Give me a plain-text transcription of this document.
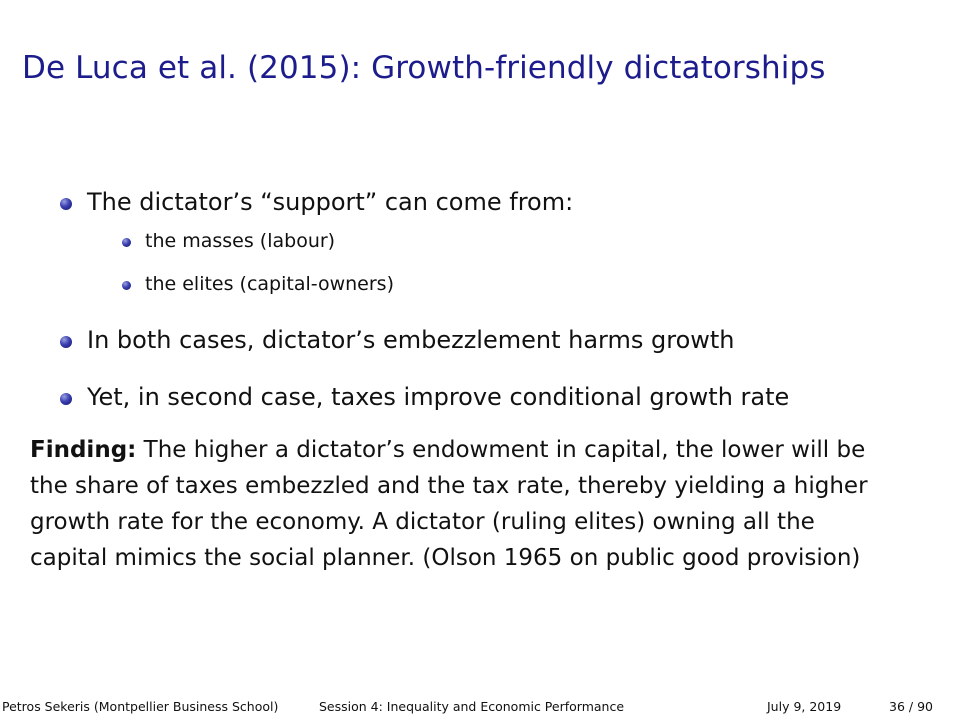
De Luca et al. (2015): Growth-friendly dictatorships
The dictator’s “support” can come from:
the masses (labour)
the elites (capital-owners)
In both cases, dictator’s embezzlement harms growth
Yet, in second case, taxes improve conditional growth rate
Finding: The higher a dictator’s endowment in capital, the lower will be
the share of taxes embezzled and the tax rate, thereby yielding a higher
growth rate for the economy. A dictator (ruling elites) owning all the
capital mimics the social planner. (Olson 1965 on public good provision)
Petros Sekeris (Montpellier Business School)	Session 4: Inequality and Economic Performance	July 9, 2019	36 / 90
